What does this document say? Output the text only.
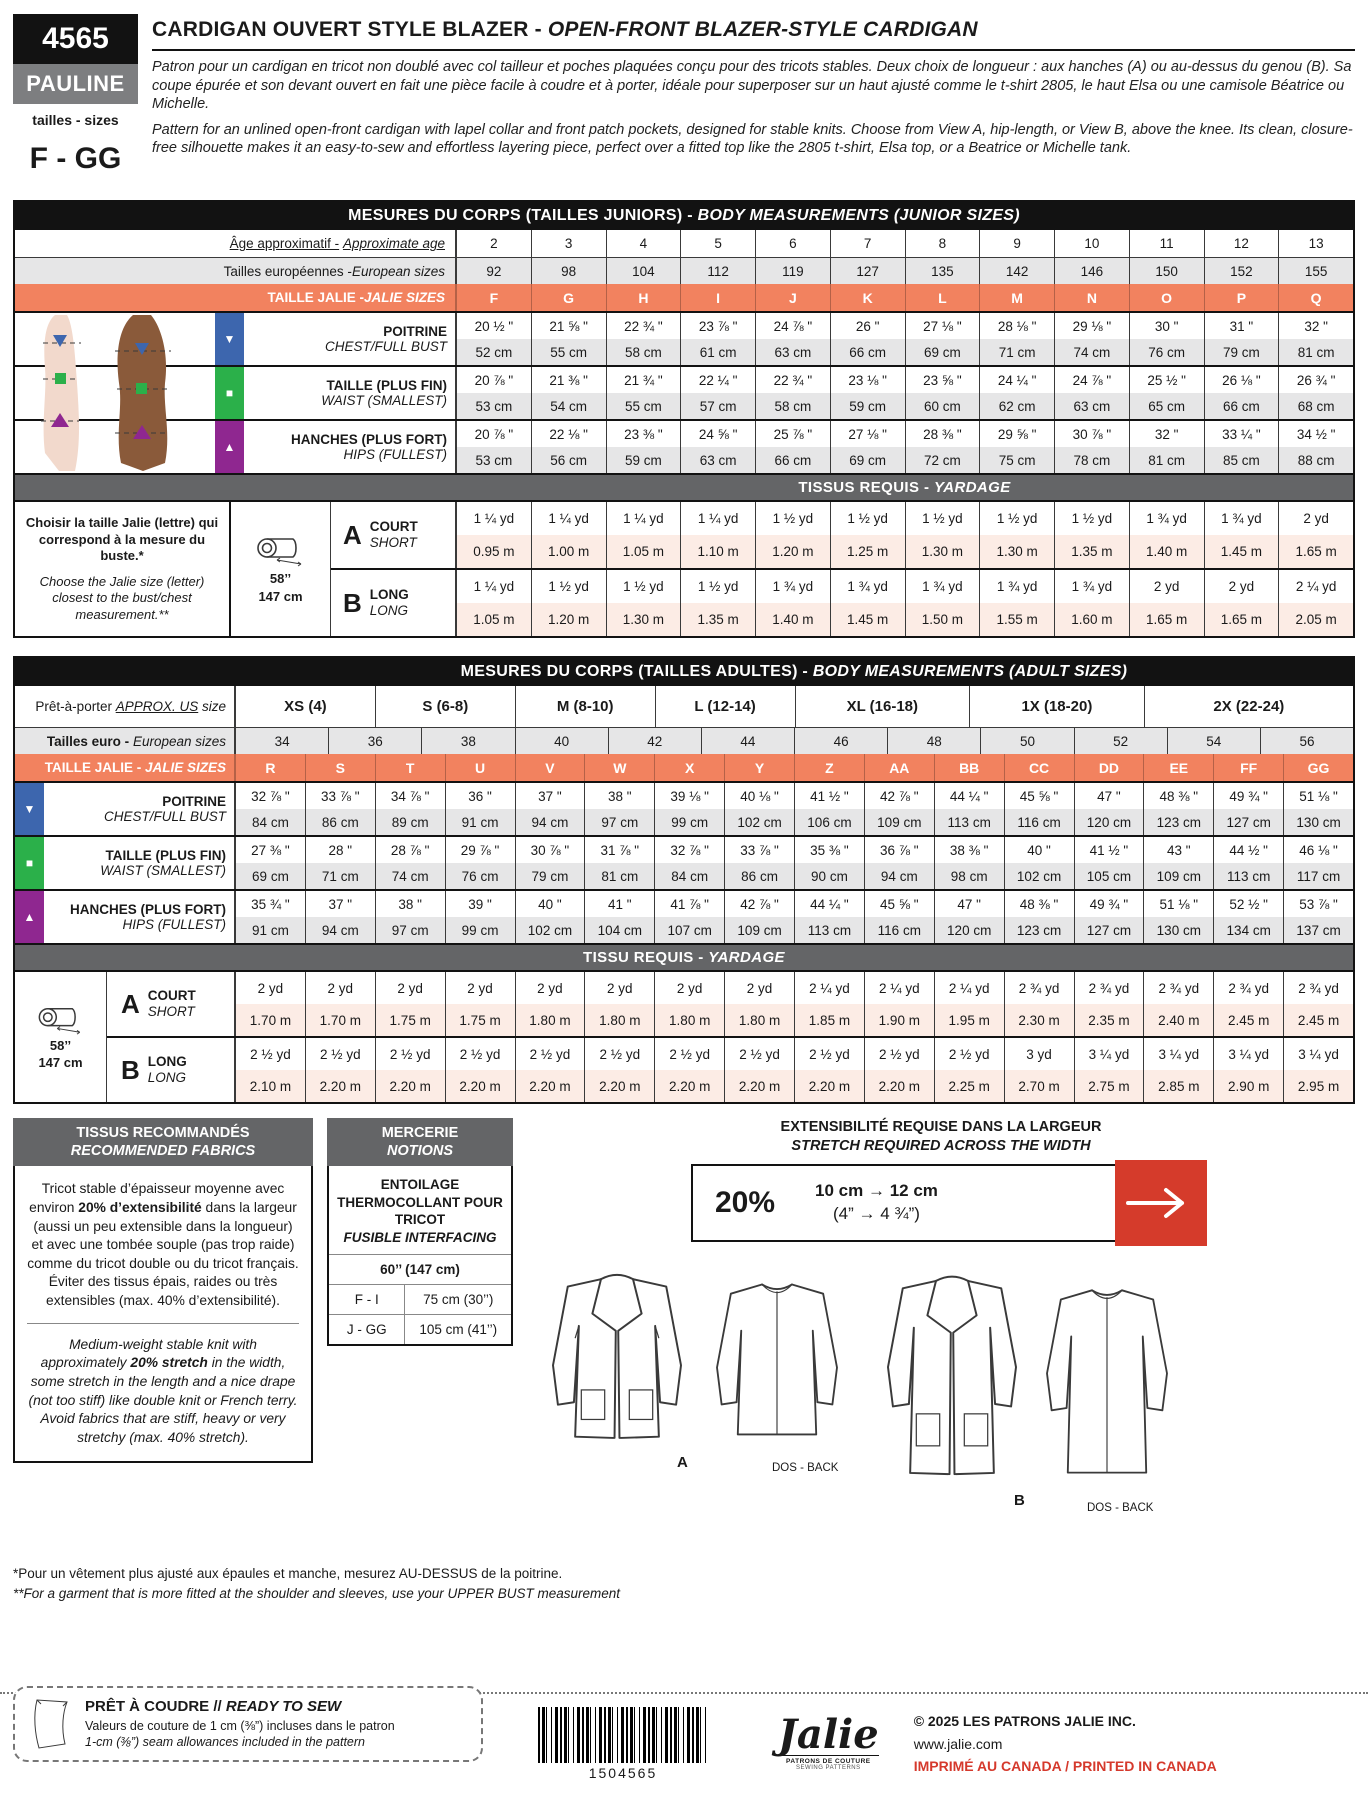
4565
PAULINE
tailles - sizes
F - GG
CARDIGAN OUVERT STYLE BLAZER - OPEN-FRONT BLAZER-STYLE CARDIGAN

Patron pour un cardigan en tricot non doublé avec col tailleur et poches plaquées conçu pour des tricots stables. Deux choix de longueur : aux hanches (A) ou au-dessus du genou (B). Sa coupe épurée et son devant ouvert en fait une pièce facile à coudre et à porter, idéale pour superposer sur un haut ajusté comme le t-shirt 2805, le haut Elsa ou une camisole Béatrice ou Michelle.

Pattern for an unlined open-front cardigan with lapel collar and front patch pockets, designed for stable knits. Choose from View A, hip-length, or View B, above the knee. Its clean, closure-free silhouette makes it an easy-to-sew and effortless layering piece, perfect over a fitted top like the 2805 t-shirt, Elsa top, or a Beatrice or Michelle tank.

MESURES DU CORPS (TAILLES JUNIORS) - BODY MEASUREMENTS (JUNIOR SIZES)
Âge approximatif -
Approximate age	2	3	4	5	6	7	8	9	10	11	12	13
Tailles européennes - European sizes	92	98	104	112	119	127	135	142	146	150	152	155
TAILLE JALIE - JALIE SIZES	F	G	H	I	J	K	L	M	N	O	P	Q
▼	POITRINE
CHEST/FULL BUST
20 ½ "	21 ⅝ "	22 ¾ "	23 ⅞ "	24 ⅞ "	26 "	27 ⅛ "	28 ⅛ "	29 ⅛ "	30 "	31 "	32 "
52 cm	55 cm	58 cm	61 cm	63 cm	66 cm	69 cm	71 cm	74 cm	76 cm	79 cm	81 cm
■	TAILLE (PLUS FIN)
WAIST (SMALLEST)
20 ⅞ "	21 ⅜ "	21 ¾ "	22 ¼ "	22 ¾ "	23 ⅛ "	23 ⅝ "	24 ¼ "	24 ⅞ "	25 ½ "	26 ⅛ "	26 ¾ "
53 cm	54 cm	55 cm	57 cm	58 cm	59 cm	60 cm	62 cm	63 cm	65 cm	66 cm	68 cm
▲	HANCHES (PLUS FORT)
HIPS (FULLEST)
20 ⅞ "	22 ⅛ "	23 ⅜ "	24 ⅝ "	25 ⅞ "	27 ⅛ "	28 ⅜ "	29 ⅝ "	30 ⅞ "	32 "	33 ¼ "	34 ½ "
53 cm	56 cm	59 cm	63 cm	66 cm	69 cm	72 cm	75 cm	78 cm	81 cm	85 cm	88 cm
TISSUS REQUIS - YARDAGE
Choisir la taille Jalie (lettre) qui correspond à la mesure du buste.*
Choose the Jalie size (letter) closest to the bust/chest measurement.**
58’’
147 cm
A COURT
SHORT
1 ¼ yd	1 ¼ yd	1 ¼ yd	1 ¼ yd	1 ½ yd	1 ½ yd	1 ½ yd	1 ½ yd	1 ½ yd	1 ¾ yd	1 ¾ yd	2 yd
0.95 m	1.00 m	1.05 m	1.10 m	1.20 m	1.25 m	1.30 m	1.30 m	1.35 m	1.40 m	1.45 m	1.65 m
B LONG
LONG
1 ¼ yd	1 ½ yd	1 ½ yd	1 ½ yd	1 ¾ yd	1 ¾ yd	1 ¾ yd	1 ¾ yd	1 ¾ yd	2 yd	2 yd	2 ¼ yd
1.05 m	1.20 m	1.30 m	1.35 m	1.40 m	1.45 m	1.50 m	1.55 m	1.60 m	1.65 m	1.65 m	2.05 m
MESURES DU CORPS (TAILLES ADULTES) - BODY MEASUREMENTS (ADULT SIZES)
Prêt-à-porter APPROX. US size	XS (4)	S (6-8)	M (8-10)	L (12-14)	XL (16-18)	1X (18-20)	2X (22-24)
Tailles euro - European sizes	34	36	38	40	42	44	46	48	50	52	54	56
TAILLE JALIE - JALIE SIZES	R	S	T	U	V	W	X	Y	Z	AA	BB	CC	DD	EE	FF	GG
▼	POITRINE
CHEST/FULL BUST
32 ⅞ "	33 ⅞ "	34 ⅞ "	36 "	37 "	38 "	39 ⅛ "	40 ⅛ "	41 ½ "	42 ⅞ "	44 ¼ "	45 ⅝ "	47 "	48 ⅜ "	49 ¾ "	51 ⅛ "
84 cm	86 cm	89 cm	91 cm	94 cm	97 cm	99 cm	102 cm	106 cm	109 cm	113 cm	116 cm	120 cm	123 cm	127 cm	130 cm
■	TAILLE (PLUS FIN)
WAIST (SMALLEST)
27 ⅜ "	28 "	28 ⅞ "	29 ⅞ "	30 ⅞ "	31 ⅞ "	32 ⅞ "	33 ⅞ "	35 ⅜ "	36 ⅞ "	38 ⅜ "	40 "	41 ½ "	43 "	44 ½ "	46 ⅛ "
69 cm	71 cm	74 cm	76 cm	79 cm	81 cm	84 cm	86 cm	90 cm	94 cm	98 cm	102 cm	105 cm	109 cm	113 cm	117 cm
▲	HANCHES (PLUS FORT)
HIPS (FULLEST)
35 ¾ "	37 "	38 "	39 "	40 "	41 "	41 ⅞ "	42 ⅞ "	44 ¼ "	45 ⅝ "	47 "	48 ⅜ "	49 ¾ "	51 ⅛ "	52 ½ "	53 ⅞ "
91 cm	94 cm	97 cm	99 cm	102 cm	104 cm	107 cm	109 cm	113 cm	116 cm	120 cm	123 cm	127 cm	130 cm	134 cm	137 cm
TISSU REQUIS - YARDAGE
58’’
147 cm
A COURT
SHORT
2 yd	2 yd	2 yd	2 yd	2 yd	2 yd	2 yd	2 yd	2 ¼ yd	2 ¼ yd	2 ¼ yd	2 ¾ yd	2 ¾ yd	2 ¾ yd	2 ¾ yd	2 ¾ yd
1.70 m	1.70 m	1.75 m	1.75 m	1.80 m	1.80 m	1.80 m	1.80 m	1.85 m	1.90 m	1.95 m	2.30 m	2.35 m	2.40 m	2.45 m	2.45 m
B LONG
LONG
2 ½ yd	2 ½ yd	2 ½ yd	2 ½ yd	2 ½ yd	2 ½ yd	2 ½ yd	2 ½ yd	2 ½ yd	2 ½ yd	2 ½ yd	3 yd	3 ¼ yd	3 ¼ yd	3 ¼ yd	3 ¼ yd
2.10 m	2.20 m	2.20 m	2.20 m	2.20 m	2.20 m	2.20 m	2.20 m	2.20 m	2.20 m	2.25 m	2.70 m	2.75 m	2.85 m	2.90 m	2.95 m
TISSUS RECOMMANDÉS
RECOMMENDED FABRICS
Tricot stable d’épaisseur moyenne avec environ 20% d’extensibilité dans la largeur (aussi un peu extensible dans la longueur) et avec une tombée souple (pas trop raide) comme du tricot double ou du tricot français. Éviter des tissus épais, raides ou très extensibles (max. 40% d’extensibilité).
Medium-weight stable knit with approximately 20% stretch in the width, some stretch in the length and a nice drape (not too stiff) like double knit or French terry. Avoid fabrics that are stiff, heavy or very stretchy (max. 40% stretch).
MERCERIE
NOTIONS
ENTOILAGE THERMOCOLLANT POUR TRICOT
FUSIBLE INTERFACING
60’’ (147 cm)
F - I	75 cm (30’’)
J - GG	105 cm (41’’)
EXTENSIBILITÉ REQUISE DANS LA LARGEUR
STRETCH REQUIRED ACROSS THE WIDTH
20% 10 cm → 12 cm
(4” → 4 ¾”)
A	DOS - BACK
B	DOS - BACK
*Pour un vêtement plus ajusté aux épaules et manche, mesurez AU-DESSUS de la poitrine.
**For a garment that is more fitted at the shoulder and sleeves, use your UPPER BUST measurement
PRÊT À COUDRE // READY TO SEW
Valeurs de couture de 1 cm (⅜”) incluses dans le patron
1-cm (⅜”) seam allowances included in the pattern
1504565
Jalie
PATRONS DE COUTURE
SEWING PATTERNS
© 2025 LES PATRONS JALIE INC.
www.jalie.com
IMPRIMÉ AU CANADA / PRINTED IN CANADA
